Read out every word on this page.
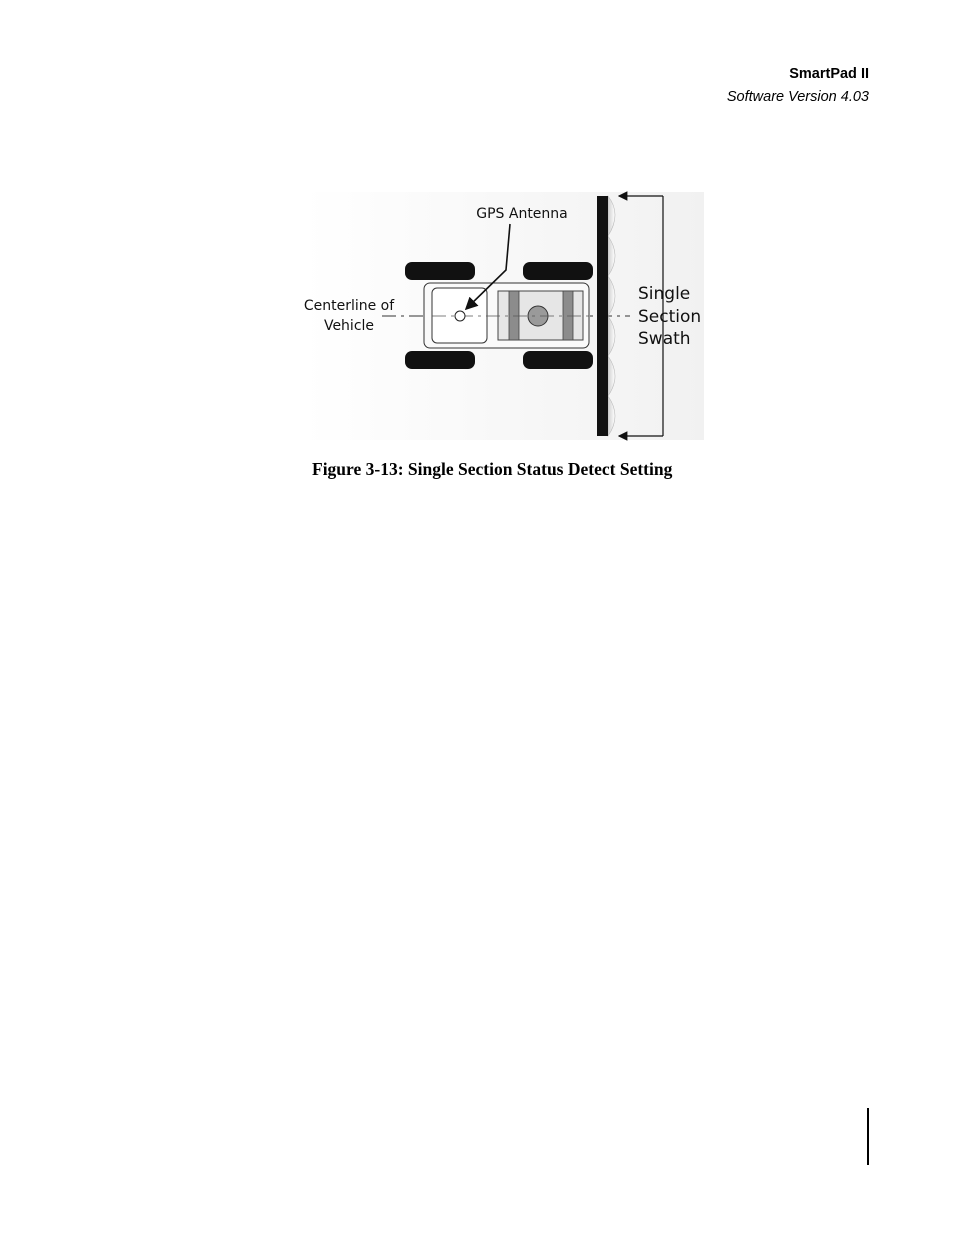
SmartPad II
Software Version 4.03
GPS Antenna
Centerline of
Vehicle
Single
Section
Swath
Figure 3-13: Single Section Status Detect Setting
